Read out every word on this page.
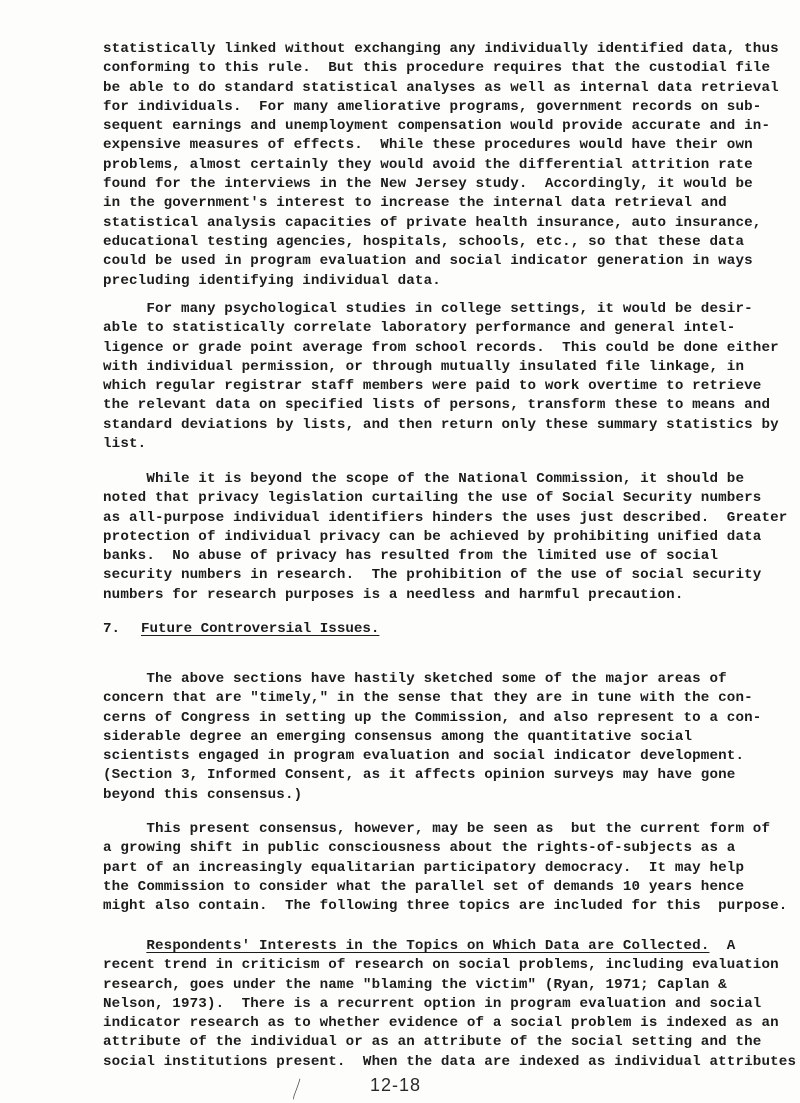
statistically linked without exchanging any individually identified data, thus
conforming to this rule.  But this procedure requires that the custodial file
be able to do standard statistical analyses as well as internal data retrieval
for individuals.  For many ameliorative programs, government records on sub-
sequent earnings and unemployment compensation would provide accurate and in-
expensive measures of effects.  While these procedures would have their own
problems, almost certainly they would avoid the differential attrition rate
found for the interviews in the New Jersey study.  Accordingly, it would be
in the government's interest to increase the internal data retrieval and
statistical analysis capacities of private health insurance, auto insurance,
educational testing agencies, hospitals, schools, etc., so that these data
could be used in program evaluation and social indicator generation in ways
precluding identifying individual data.
For many psychological studies in college settings, it would be desir-
able to statistically correlate laboratory performance and general intel-
ligence or grade point average from school records.  This could be done either
with individual permission, or through mutually insulated file linkage, in
which regular registrar staff members were paid to work overtime to retrieve
the relevant data on specified lists of persons, transform these to means and
standard deviations by lists, and then return only these summary statistics by
list.
While it is beyond the scope of the National Commission, it should be
noted that privacy legislation curtailing the use of Social Security numbers
as all-purpose individual identifiers hinders the uses just described.  Greater
protection of individual privacy can be achieved by prohibiting unified data
banks.  No abuse of privacy has resulted from the limited use of social
security numbers in research.  The prohibition of the use of social security
numbers for research purposes is a needless and harmful precaution.
7. Future Controversial Issues.
The above sections have hastily sketched some of the major areas of
concern that are "timely," in the sense that they are in tune with the con-
cerns of Congress in setting up the Commission, and also represent to a con-
siderable degree an emerging consensus among the quantitative social
scientists engaged in program evaluation and social indicator development.
(Section 3, Informed Consent, as it affects opinion surveys may have gone
beyond this consensus.)
12-18
This present consensus, however, may be seen as  but the current form of
a growing shift in public consciousness about the rights-of-subjects as a
part of an increasingly equalitarian participatory democracy.  It may help
the Commission to consider what the parallel set of demands 10 years hence
might also contain.  The following three topics are included for this  purpose.
Respondents' Interests in the Topics on Which Data are Collected.  A
recent trend in criticism of research on social problems, including evaluation
research, goes under the name "blaming the victim" (Ryan, 1971; Caplan &
Nelson, 1973).  There is a recurrent option in program evaluation and social
indicator research as to whether evidence of a social problem is indexed as an
attribute of the individual or as an attribute of the social setting and the
social institutions present.  When the data are indexed as individual attributes
